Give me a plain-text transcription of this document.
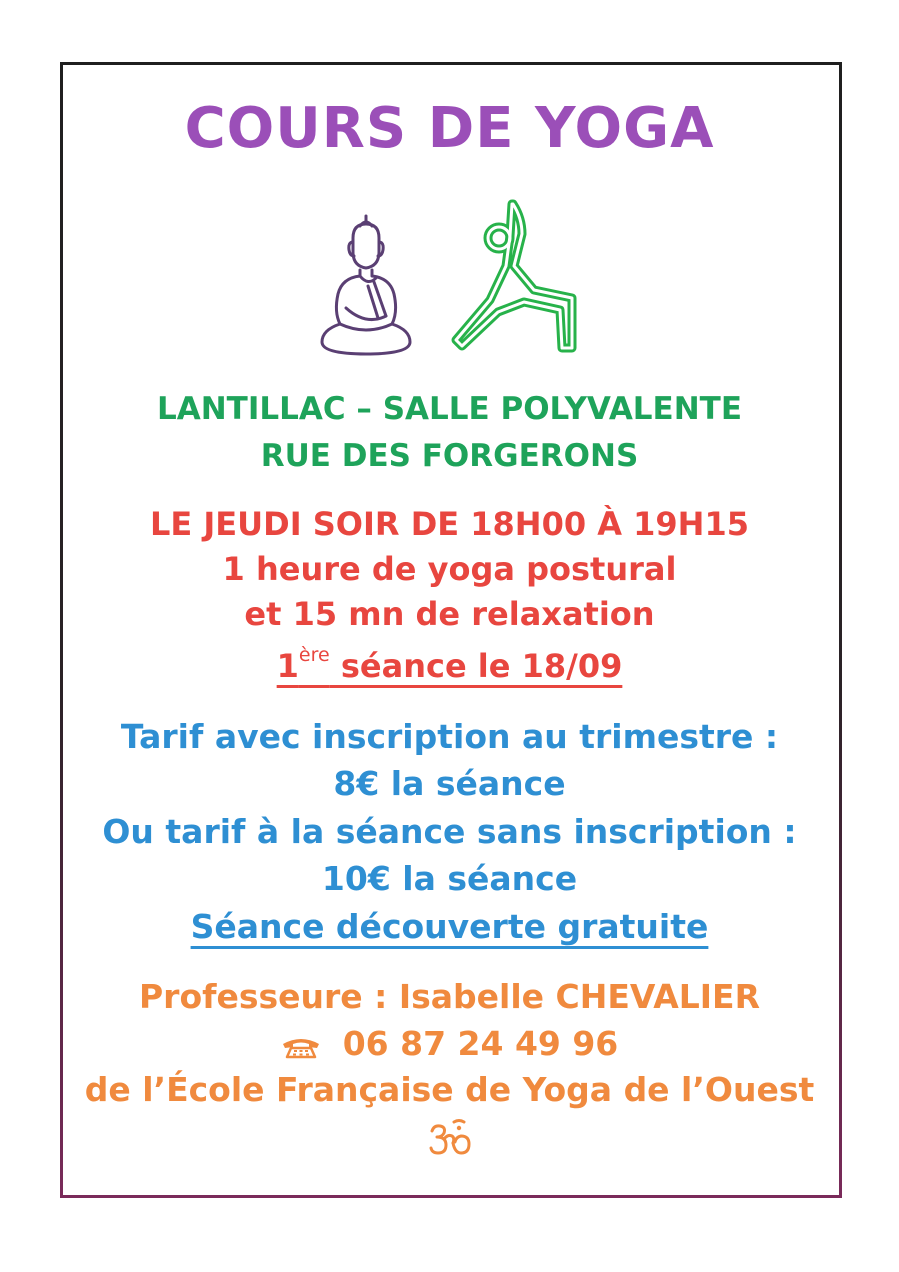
COURS DE YOGA
LANTILLAC – SALLE POLYVALENTE
RUE DES FORGERONS
LE JEUDI SOIR DE 18H00 À 19H15
1 heure de yoga postural
et 15 mn de relaxation
1ère séance le 18/09
Tarif avec inscription au trimestre :
8€ la séance
Ou tarif à la séance sans inscription :
10€ la séance
Séance découverte gratuite
Professeure : Isabelle CHEVALIER
06 87 24 49 96
de l’École Française de Yoga de l’Ouest
